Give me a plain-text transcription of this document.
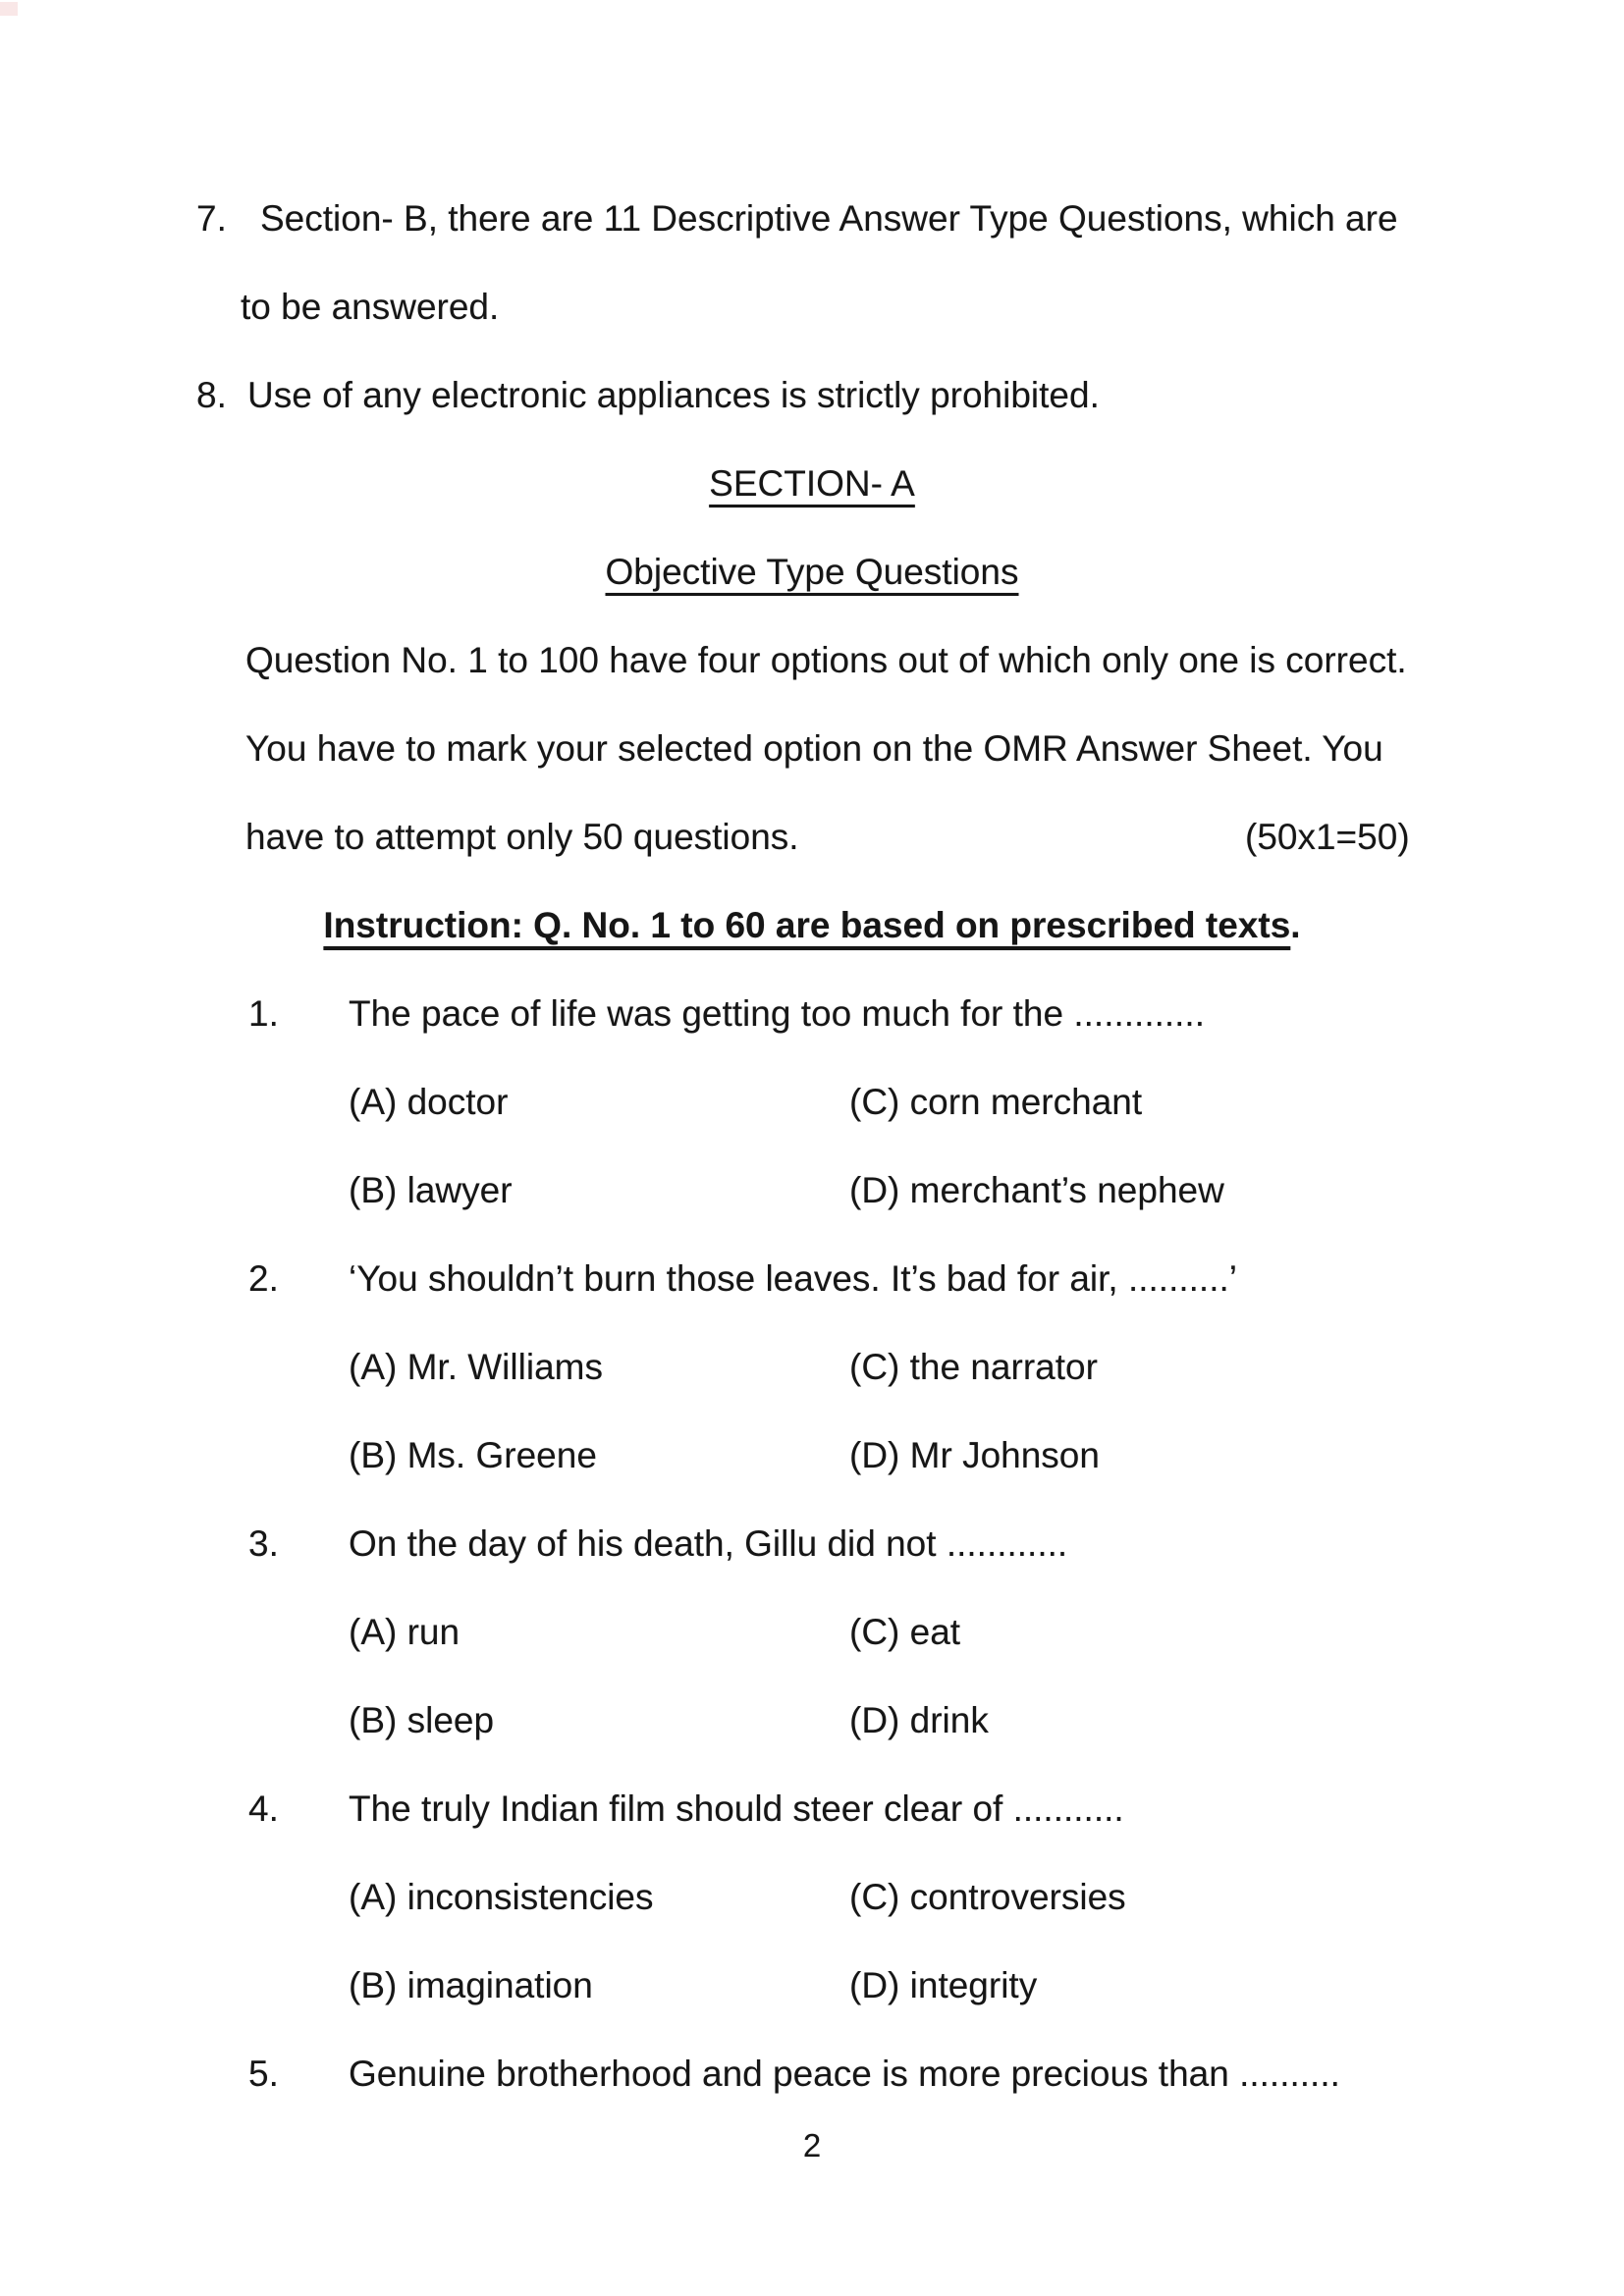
7. Section- B, there are 11 Descriptive Answer Type Questions, which are
to be answered.
8. Use of any electronic appliances is strictly prohibited.
SECTION- A
Objective Type Questions
Question No. 1 to 100 have four options out of which only one is correct.
You have to mark your selected option on the OMR Answer Sheet. You
have to attempt only 50 questions.	(50x1=50)
Instruction: Q. No. 1 to 60 are based on prescribed texts.
1. The pace of life was getting too much for the .............
(A) doctor	(C) corn merchant
(B) lawyer	(D) merchant’s nephew
2. ‘You shouldn’t burn those leaves. It’s bad for air, ..........’
(A) Mr. Williams	(C) the narrator
(B) Ms. Greene	(D) Mr Johnson
3. On the day of his death, Gillu did not ............
(A) run	(C) eat
(B) sleep	(D) drink
4. The truly Indian film should steer clear of ...........
(A) inconsistencies	(C) controversies
(B) imagination	(D) integrity
5. Genuine brotherhood and peace is more precious than ..........
2
